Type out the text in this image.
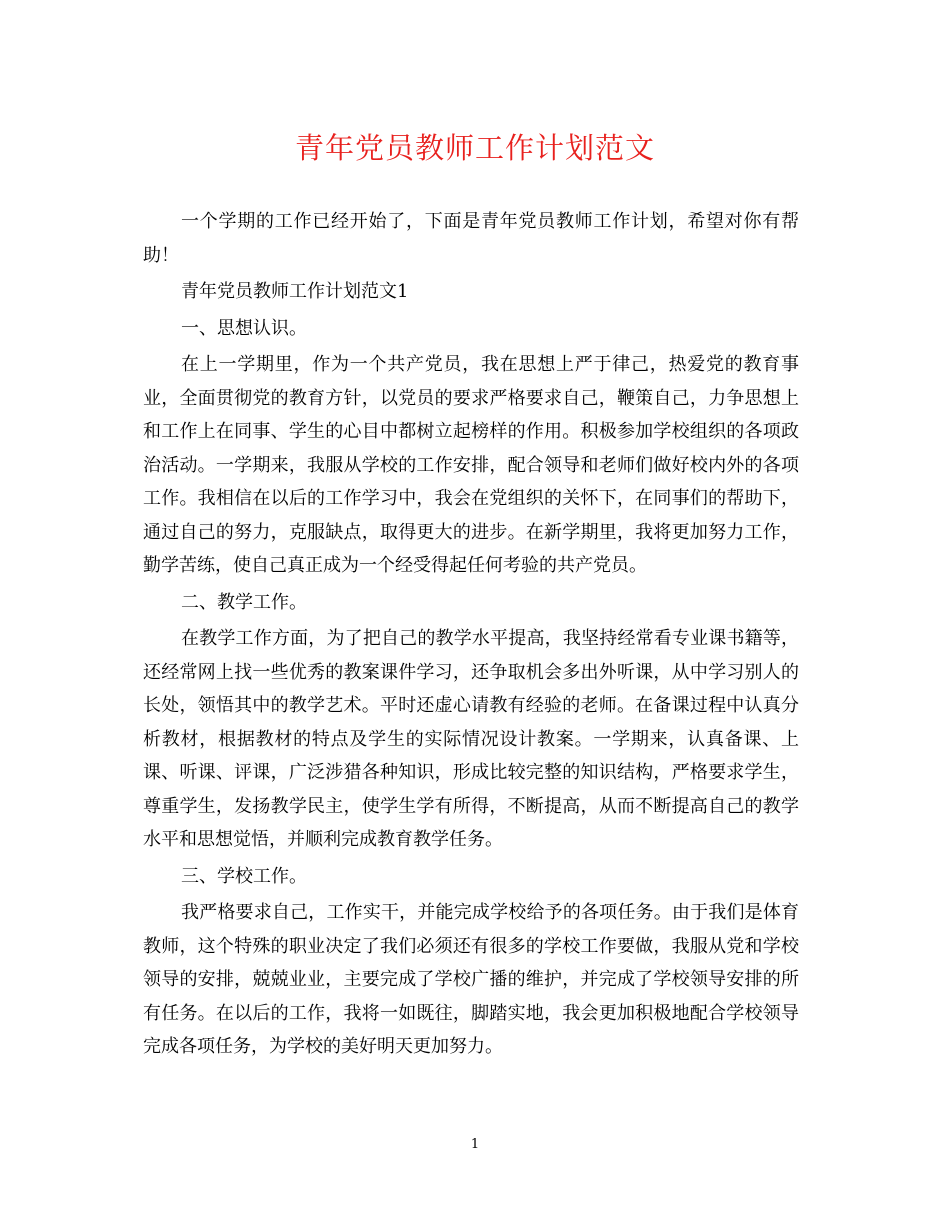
青年党员教师工作计划范文

一个学期的工作已经开始了，下面是青年党员教师工作计划，希望对你有帮助！

青年党员教师工作计划范文1

一、思想认识。

在上一学期里，作为一个共产党员，我在思想上严于律己，热爱党的教育事业，全面贯彻党的教育方针，以党员的要求严格要求自己，鞭策自己，力争思想上和工作上在同事、学生的心目中都树立起榜样的作用。积极参加学校组织的各项政治活动。一学期来，我服从学校的工作安排，配合领导和老师们做好校内外的各项工作。我相信在以后的工作学习中，我会在党组织的关怀下，在同事们的帮助下，通过自己的努力，克服缺点，取得更大的进步。在新学期里，我将更加努力工作，勤学苦练，使自己真正成为一个经受得起任何考验的共产党员。

二、教学工作。

在教学工作方面，为了把自己的教学水平提高，我坚持经常看专业课书籍等，还经常网上找一些优秀的教案课件学习，还争取机会多出外听课，从中学习别人的长处，领悟其中的教学艺术。平时还虚心请教有经验的老师。在备课过程中认真分析教材，根据教材的特点及学生的实际情况设计教案。一学期来，认真备课、上课、听课、评课，广泛涉猎各种知识，形成比较完整的知识结构，严格要求学生，尊重学生，发扬教学民主，使学生学有所得，不断提高，从而不断提高自己的教学水平和思想觉悟，并顺利完成教育教学任务。

三、学校工作。

我严格要求自己，工作实干，并能完成学校给予的各项任务。由于我们是体育教师，这个特殊的职业决定了我们必须还有很多的学校工作要做，我服从党和学校领导的安排，兢兢业业，主要完成了学校广播的维护，并完成了学校领导安排的所有任务。在以后的工作，我将一如既往，脚踏实地，我会更加积极地配合学校领导完成各项任务，为学校的美好明天更加努力。

1
